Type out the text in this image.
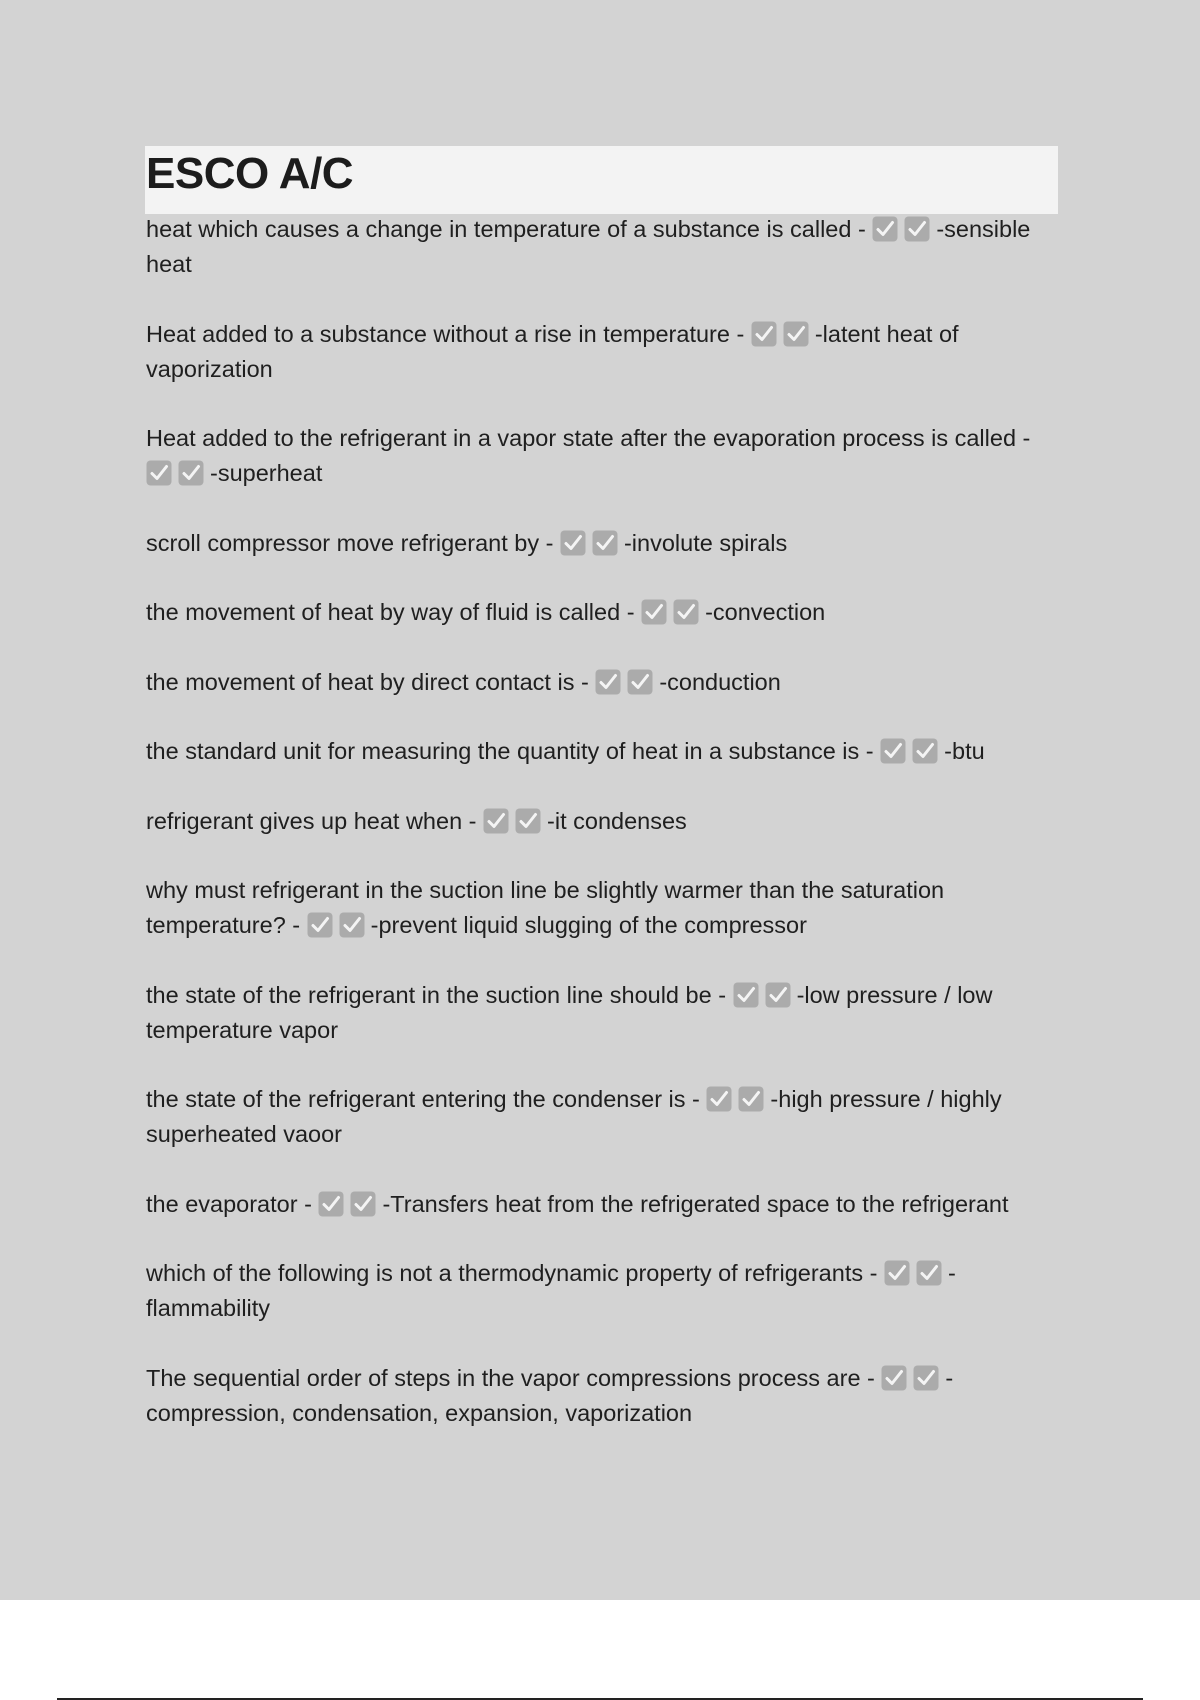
ESCO A/C
heat which causes a change in temperature of a substance is called -	-sensible heat
Heat added to a substance without a rise in temperature -	-latent heat of vaporization
Heat added to the refrigerant in a vapor state after the evaporation process is called -
-superheat
scroll compressor move refrigerant by -	-involute spirals
the movement of heat by way of fluid is called -	-convection
the movement of heat by direct contact is -	-conduction
the standard unit for measuring the quantity of heat in a substance is -	-btu
refrigerant gives up heat when -	-it condenses
why must refrigerant in the suction line be slightly warmer than the saturation temperature? -	-prevent liquid slugging of the compressor
the state of the refrigerant in the suction line should be -	-low pressure / low temperature vapor
the state of the refrigerant entering the condenser is -	-high pressure / highly superheated vaoor
the evaporator -	-Transfers heat from the refrigerated space to the refrigerant
which of the following is not a thermodynamic property of refrigerants -	-flammability
The sequential order of steps in the vapor compressions process are -	-compression, condensation, expansion, vaporization
